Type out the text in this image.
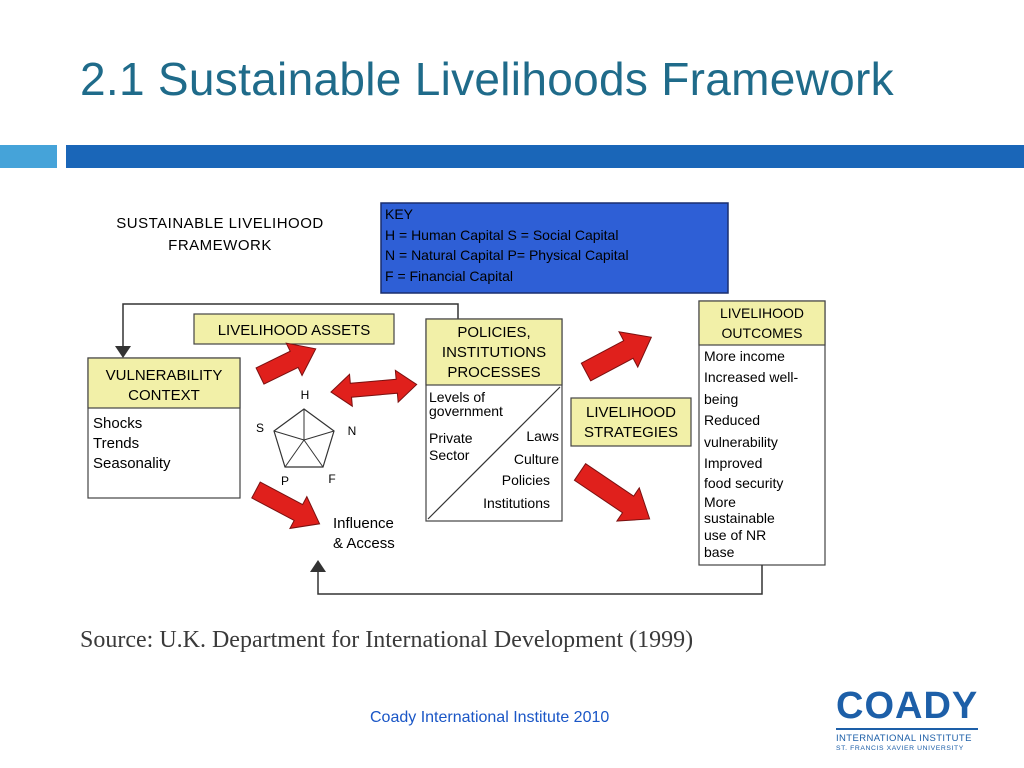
2.1 Sustainable Livelihoods Framework
SUSTAINABLE LIVELIHOOD
FRAMEWORK
KEY
H = Human Capital S = Social Capital
N = Natural Capital P= Physical Capital
F = Financial Capital
LIVELIHOOD ASSETS
VULNERABILITY
CONTEXT
Shocks
Trends
Seasonality
H
S	N
P	F
POLICIES,
INSTITUTIONS
PROCESSES
Levels of
government
Private
Sector
Laws
Culture
Policies
Institutions
LIVELIHOOD
STRATEGIES
LIVELIHOOD
OUTCOMES
More income
Increased well-
being
Reduced
vulnerability
Improved
food security
More
sustainable
use of NR
base
Influence
& Access

Source: U.K. Department for International Development (1999)

Coady International Institute 2010	COADY
INTERNATIONAL INSTITUTE
ST. FRANCIS XAVIER UNIVERSITY
